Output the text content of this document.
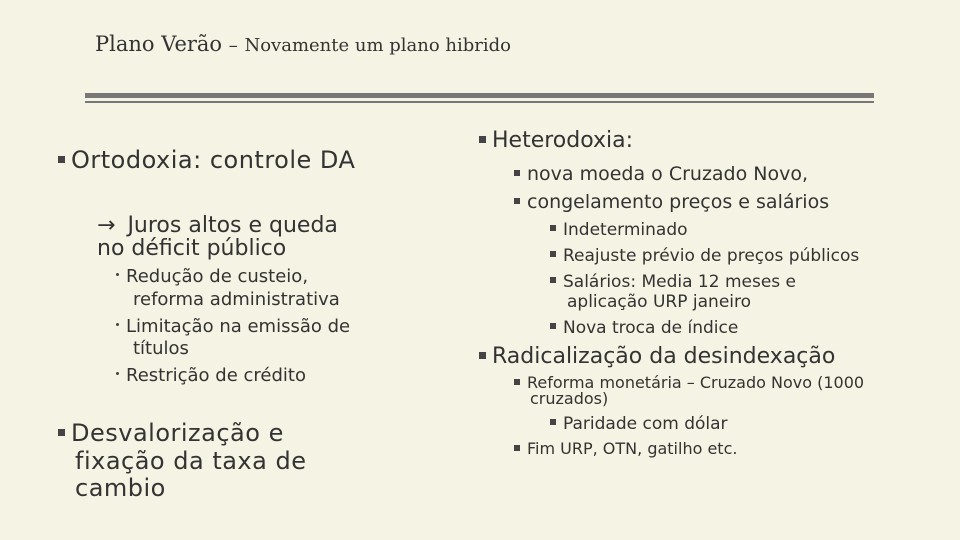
Plano Verão – Novamente um plano hibrido
Ortodoxia: controle DA
→ Juros altos e queda
no déficit público
Redução de custeio,
reforma administrativa
Limitação na emissão de
títulos
Restrição de crédito
Desvalorização e
fixação da taxa de
cambio
Heterodoxia:
nova moeda o Cruzado Novo,
congelamento preços e salários
Indeterminado
Reajuste prévio de preços públicos
Salários: Media 12 meses e
aplicação URP janeiro
Nova troca de índice
Radicalização da desindexação
Reforma monetária – Cruzado Novo (1000
cruzados)
Paridade com dólar
Fim URP, OTN, gatilho etc.
